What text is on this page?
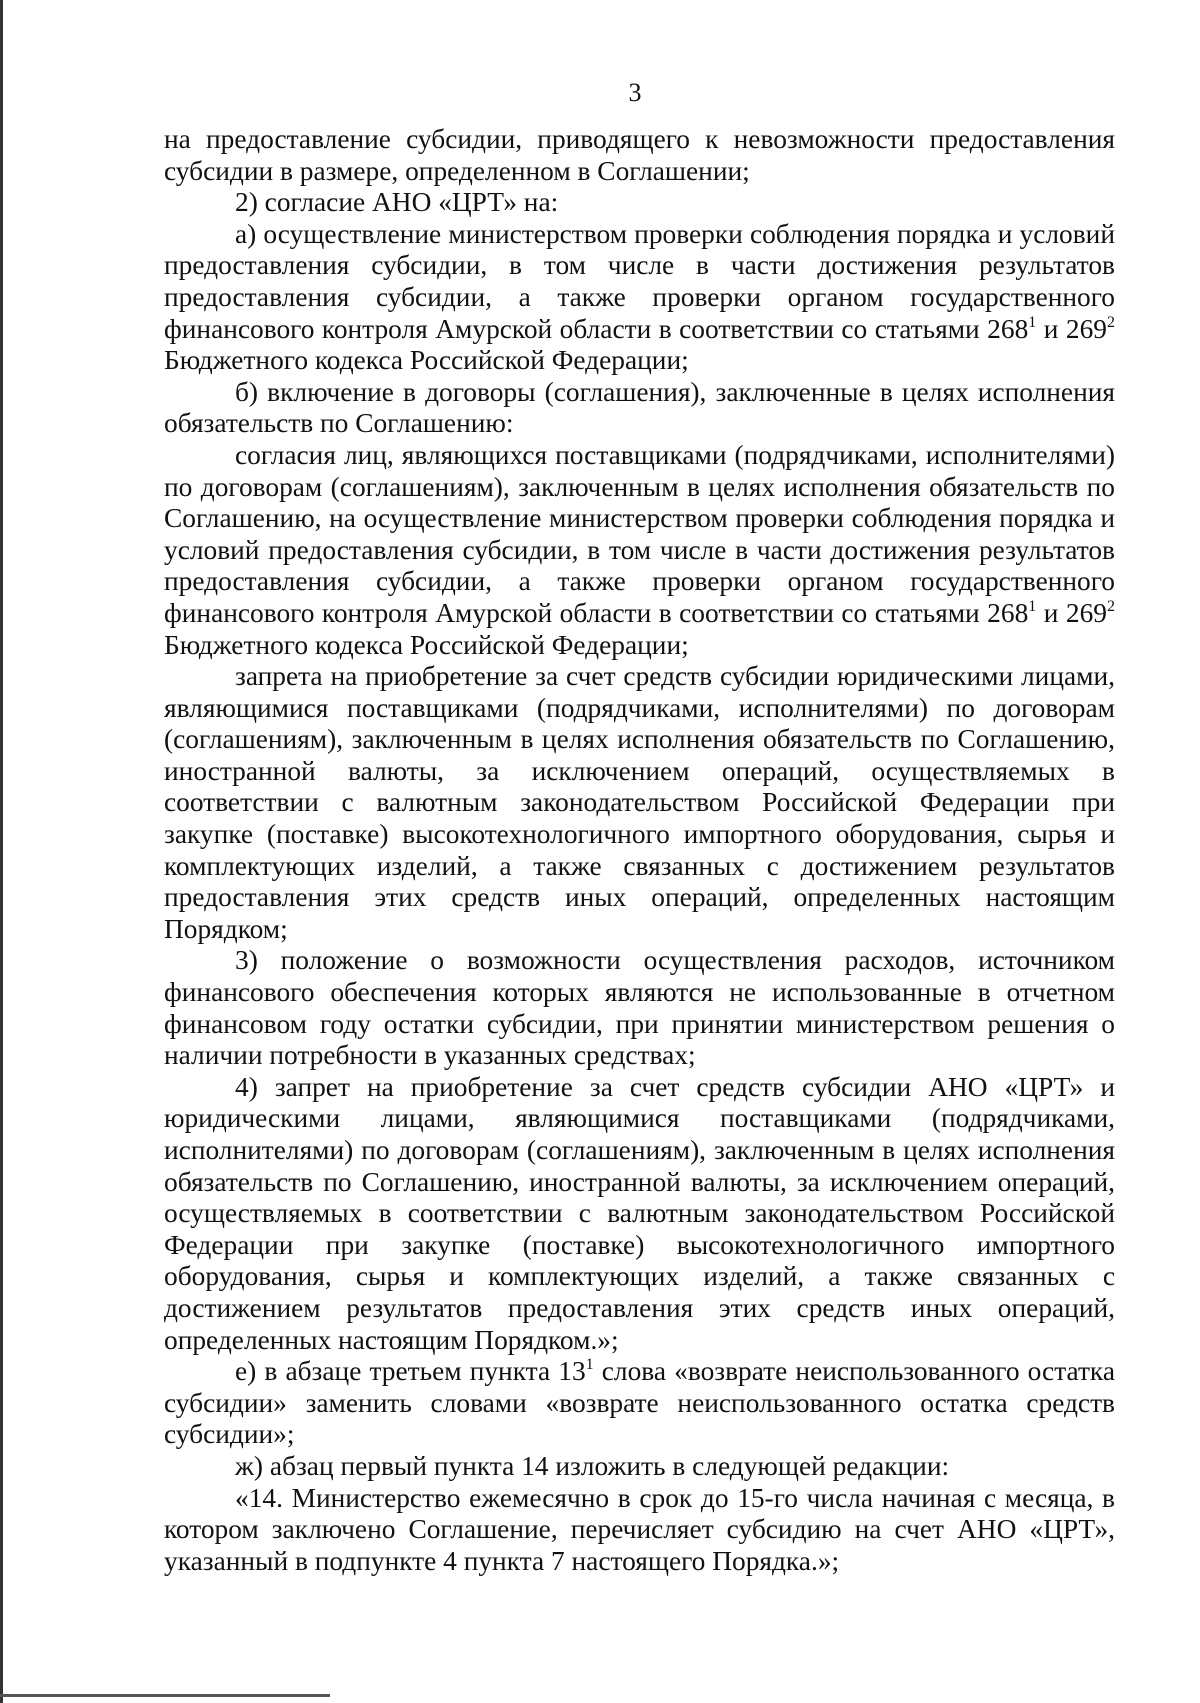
3

на предоставление субсидии, приводящего к невозможности предоставления субсидии в размере, определенном в Соглашении;

2) согласие АНО «ЦРТ» на:

а) осуществление министерством проверки соблюдения порядка и условий предоставления субсидии, в том числе в части достижения результатов предоставления субсидии, а также проверки органом государственного финансового контроля Амурской области в соответствии со статьями $268^1$ и $269^2$ Бюджетного кодекса Российской Федерации;

б) включение в договоры (соглашения), заключенные в целях исполнения обязательств по Соглашению:

согласия лиц, являющихся поставщиками (подрядчиками, исполнителями) по договорам (соглашениям), заключенным в целях исполнения обязательств по Соглашению, на осуществление министерством проверки соблюдения порядка и условий предоставления субсидии, в том числе в части достижения результатов предоставления субсидии, а также проверки органом государственного финансового контроля Амурской области в соответствии со статьями $268^1$ и $269^2$ Бюджетного кодекса Российской Федерации;

запрета на приобретение за счет средств субсидии юридическими лицами, являющимися поставщиками (подрядчиками, исполнителями) по договорам (соглашениям), заключенным в целях исполнения обязательств по Соглашению, иностранной валюты, за исключением операций, осуществляемых в соответствии с валютным законодательством Российской Федерации при закупке (поставке) высокотехнологичного импортного оборудования, сырья и комплектующих изделий, а также связанных с достижением результатов предоставления этих средств иных операций, определенных настоящим Порядком;

3) положение о возможности осуществления расходов, источником финансового обеспечения которых являются не использованные в отчетном финансовом году остатки субсидии, при принятии министерством решения о наличии потребности в указанных средствах;

4) запрет на приобретение за счет средств субсидии АНО «ЦРТ» и юридическими лицами, являющимися поставщиками (подрядчиками, исполнителями) по договорам (соглашениям), заключенным в целях исполнения обязательств по Соглашению, иностранной валюты, за исключением операций, осуществляемых в соответствии с валютным законодательством Российской Федерации при закупке (поставке) высокотехнологичного импортного оборудования, сырья и комплектующих изделий, а также связанных с достижением результатов предоставления этих средств иных операций, определенных настоящим Порядком.»;

е) в абзаце третьем пункта $13^1$ слова «возврате неиспользованного остатка субсидии» заменить словами «возврате неиспользованного остатка средств субсидии»;

ж) абзац первый пункта 14 изложить в следующей редакции:

«14. Министерство ежемесячно в срок до 15-го числа начиная с месяца, в котором заключено Соглашение, перечисляет субсидию на счет АНО «ЦРТ», указанный в подпункте 4 пункта 7 настоящего Порядка.»;
